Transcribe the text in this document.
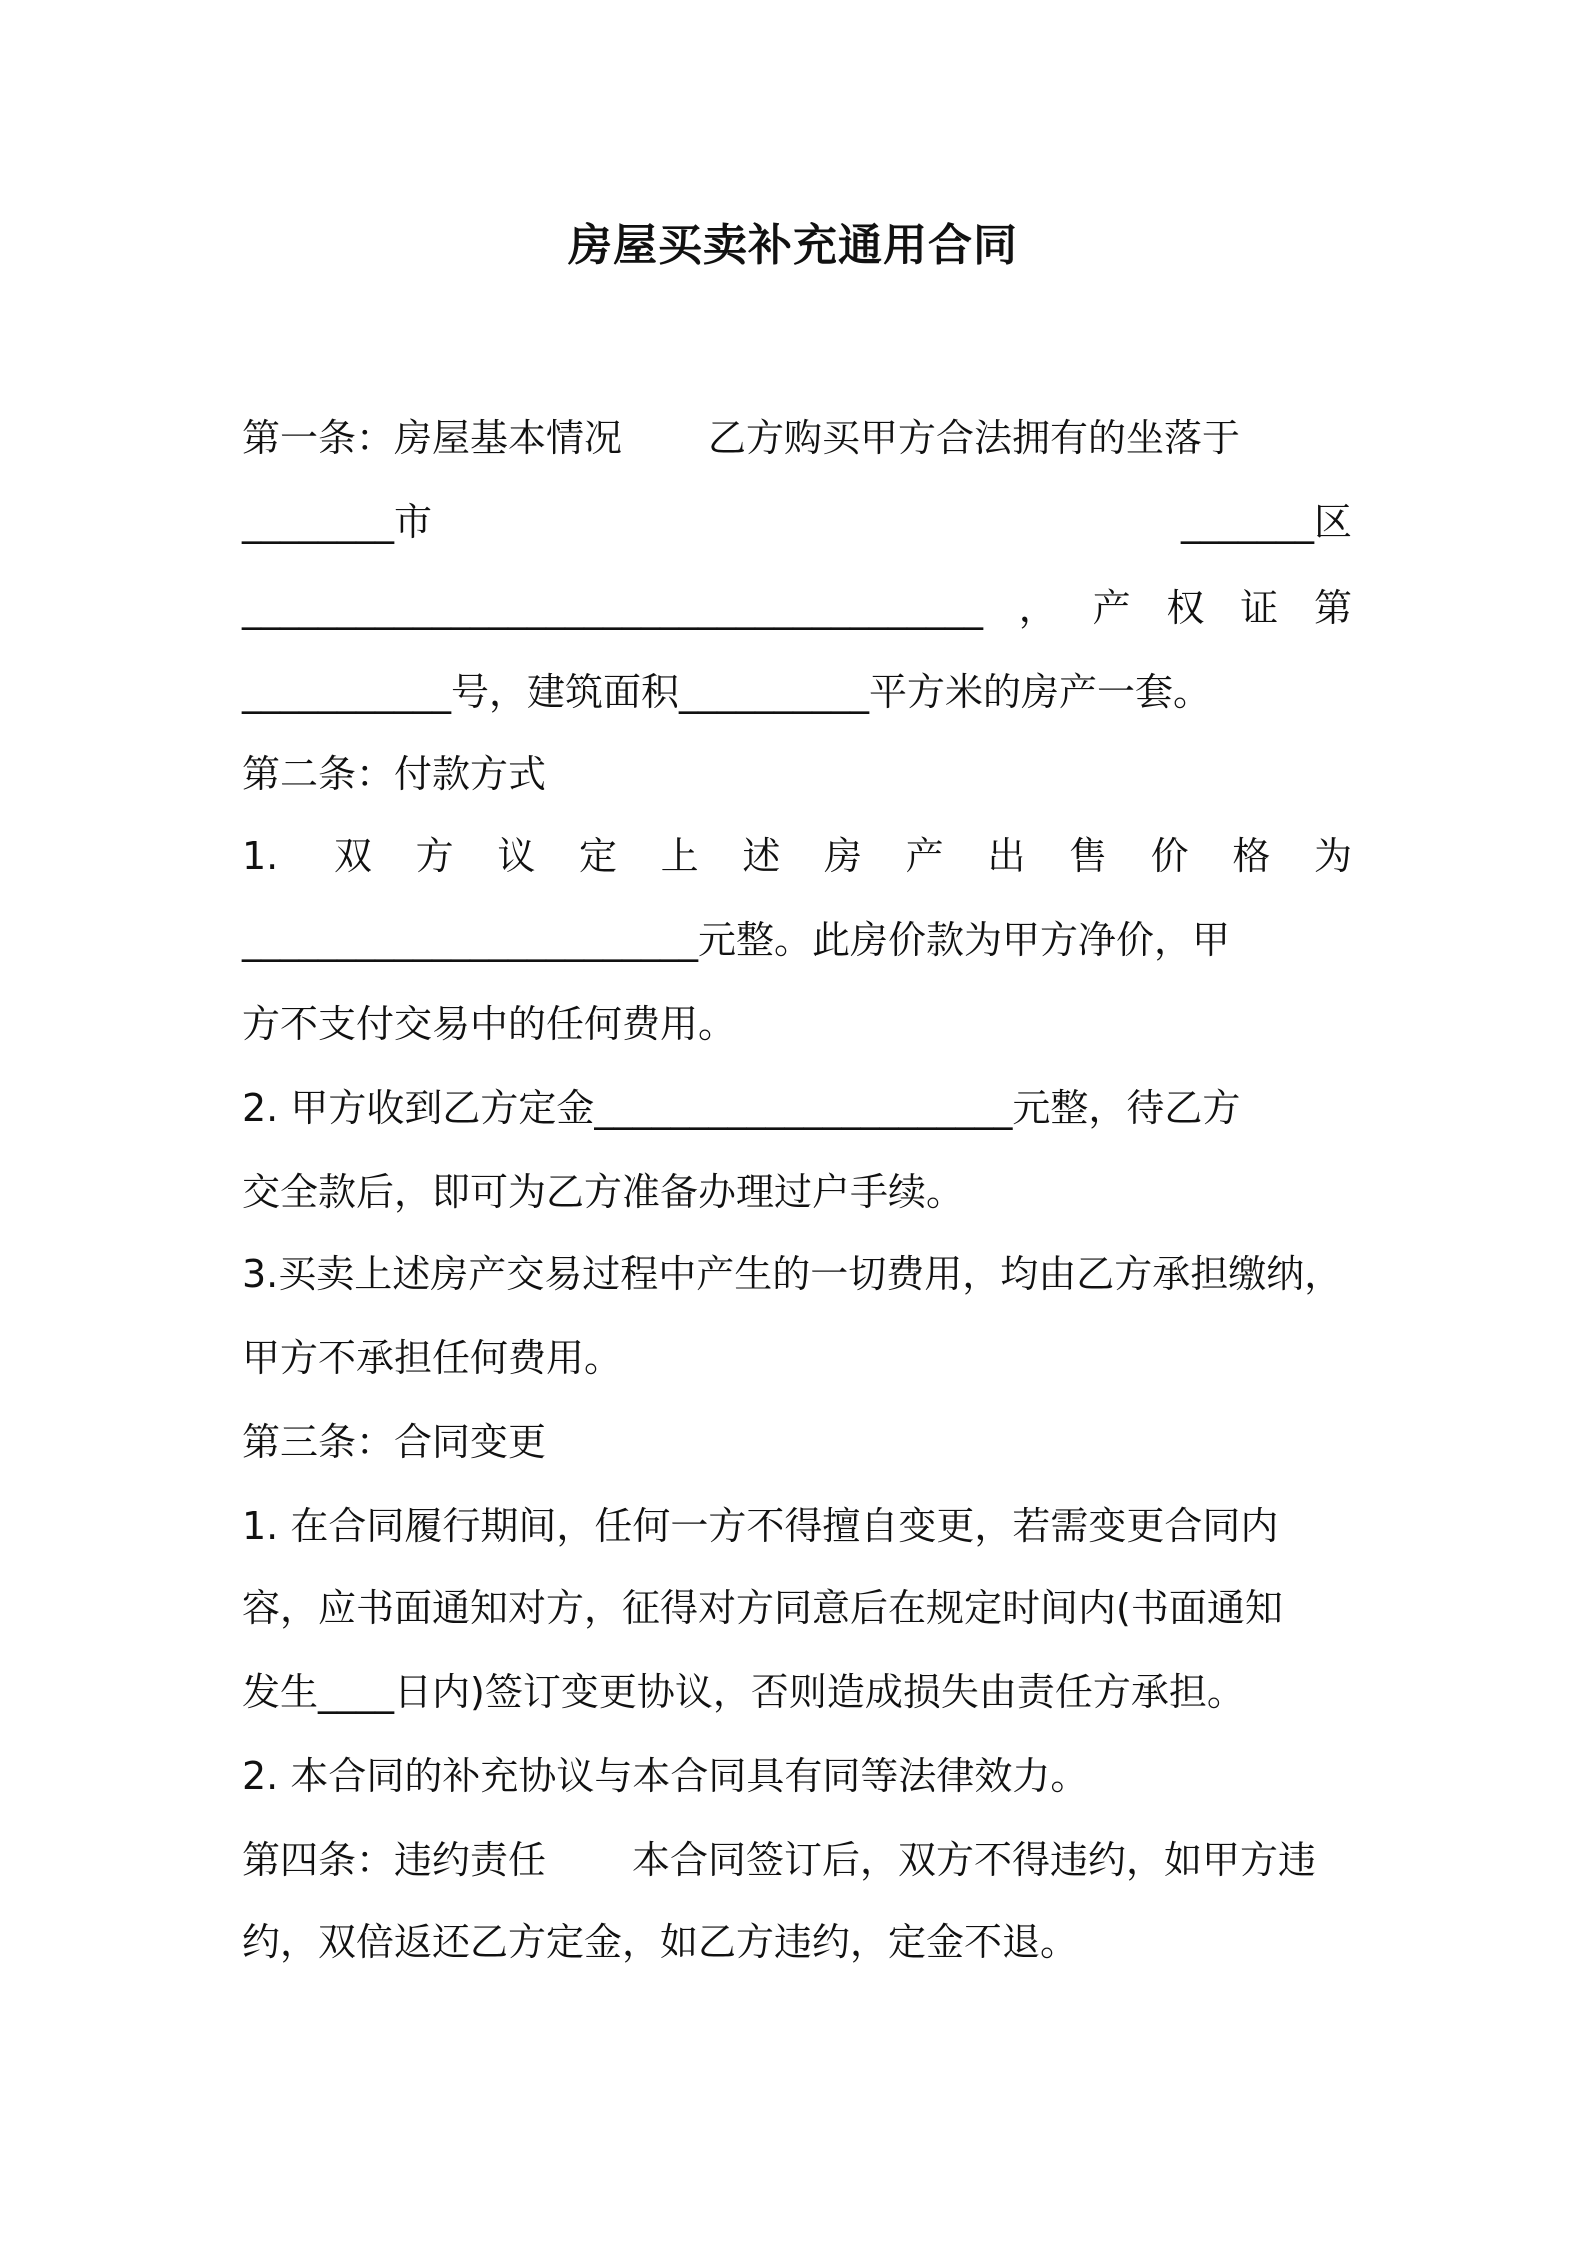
房屋买卖补充通用合同
第一条：房屋基本情况 乙方购买甲方合法拥有的坐落于
________市	_______区
_______________________________________，产权证第
___________号，建筑面积__________平方米的房产一套。
第二条：付款方式
1. 双方议定上述房产出售价格为
________________________元整。此房价款为甲方净价，甲
方不支付交易中的任何费用。
2. 甲方收到乙方定金______________________元整，待乙方
交全款后，即可为乙方准备办理过户手续。
3.买卖上述房产交易过程中产生的一切费用，均由乙方承担缴纳，
甲方不承担任何费用。
第三条：合同变更
1. 在合同履行期间，任何一方不得擅自变更，若需变更合同内
容，应书面通知对方，征得对方同意后在规定时间内(书面通知
发生____日内)签订变更协议，否则造成损失由责任方承担。
2. 本合同的补充协议与本合同具有同等法律效力。
第四条：违约责任 本合同签订后，双方不得违约，如甲方违
约，双倍返还乙方定金，如乙方违约，定金不退。
